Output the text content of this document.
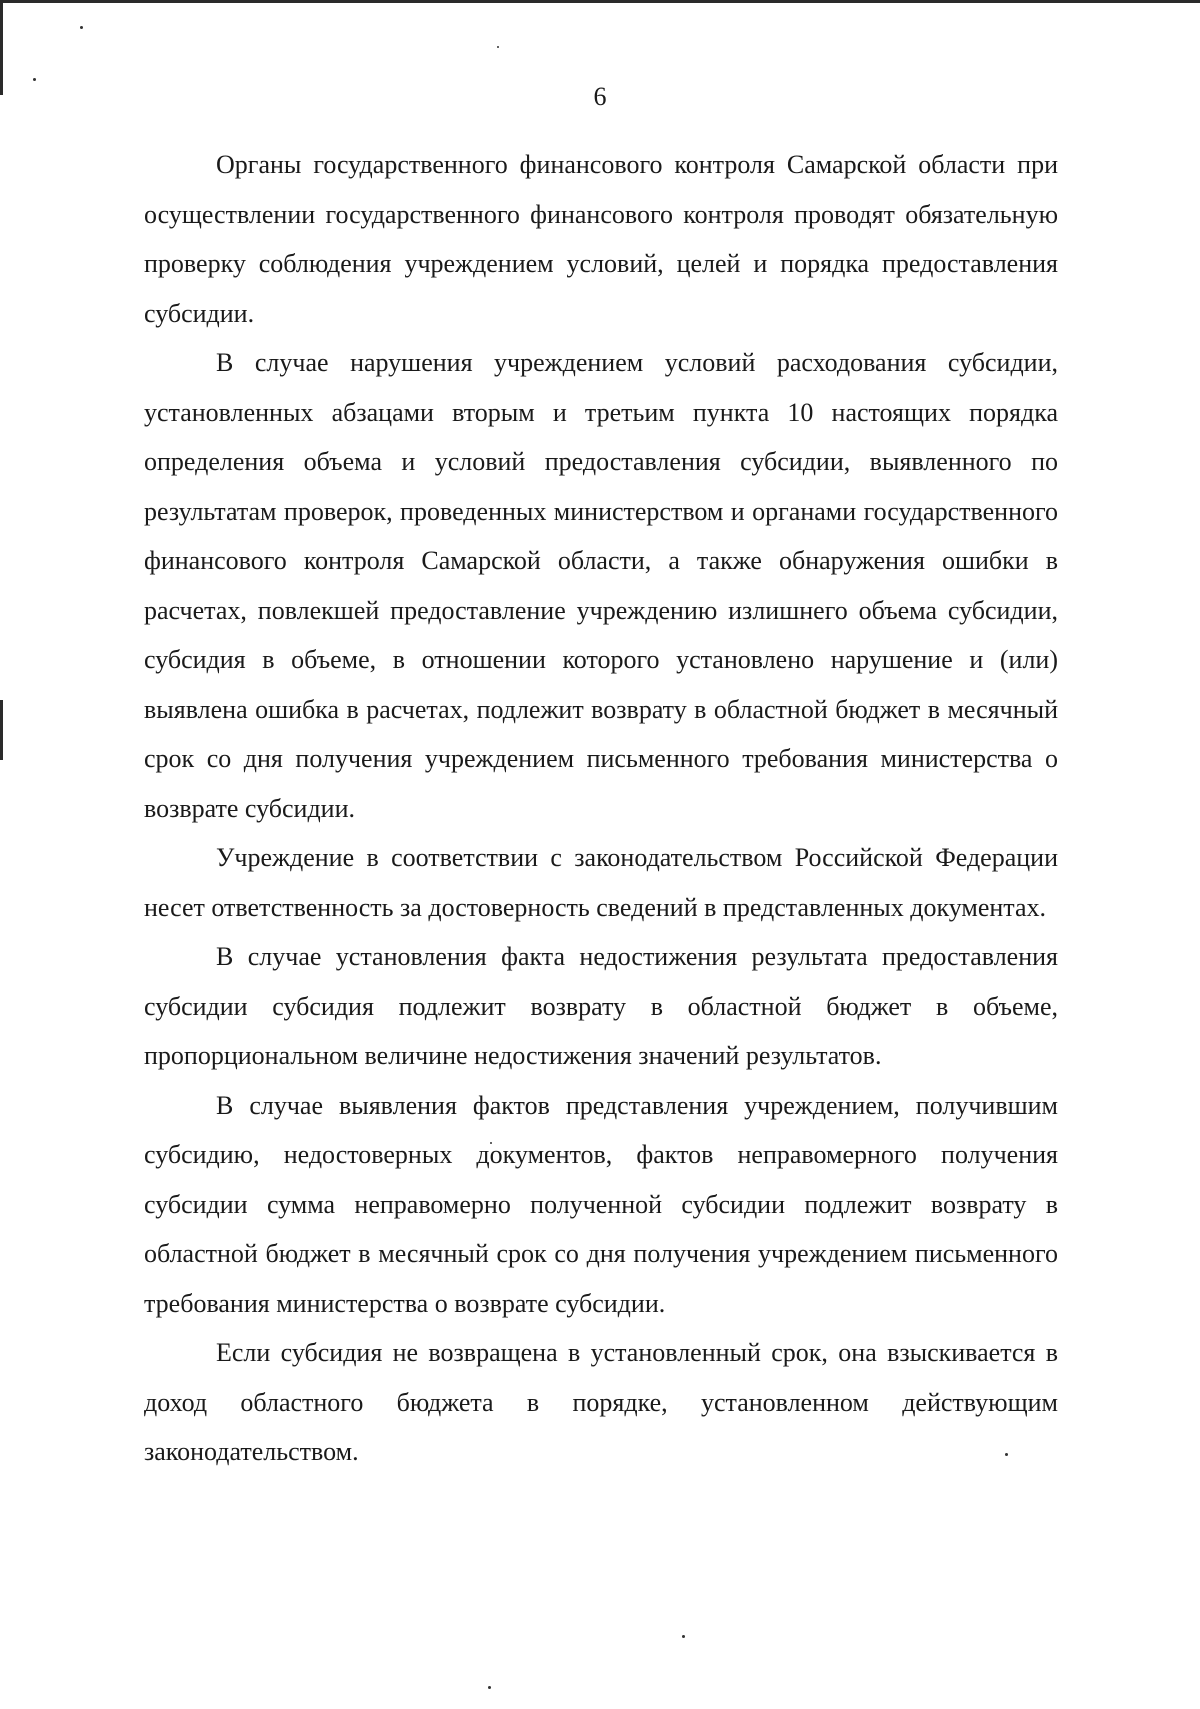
6

Органы государственного финансового контроля Самарской области при осуществлении государственного финансового контроля проводят обязательную проверку соблюдения учреждением условий, целей и порядка предоставления субсидии.

В случае нарушения учреждением условий расходования субсидии, установленных абзацами вторым и третьим пункта 10 настоящих порядка определения объема и условий предоставления субсидии, выявленного по результатам проверок, проведенных министерством и органами государственного финансового контроля Самарской области, а также обнаружения ошибки в расчетах, повлекшей предоставление учреждению излишнего объема субсидии, субсидия в объеме, в отношении которого установлено нарушение и (или) выявлена ошибка в расчетах, подлежит возврату в областной бюджет в месячный срок со дня получения учреждением письменного требования министерства о возврате субсидии.

Учреждение в соответствии с законодательством Российской Федерации несет ответственность за достоверность сведений в представленных документах.

В случае установления факта недостижения результата предоставления субсидии субсидия подлежит возврату в областной бюджет в объеме, пропорциональном величине недостижения значений результатов.

В случае выявления фактов представления учреждением, получившим субсидию, недостоверных документов, фактов неправомерного получения субсидии сумма неправомерно полученной субсидии подлежит возврату в областной бюджет в месячный срок со дня получения учреждением письменного требования министерства о возврате субсидии.

Если субсидия не возвращена в установленный срок, она взыскивается в доход областного бюджета в порядке, установленном действующим законодательством.
